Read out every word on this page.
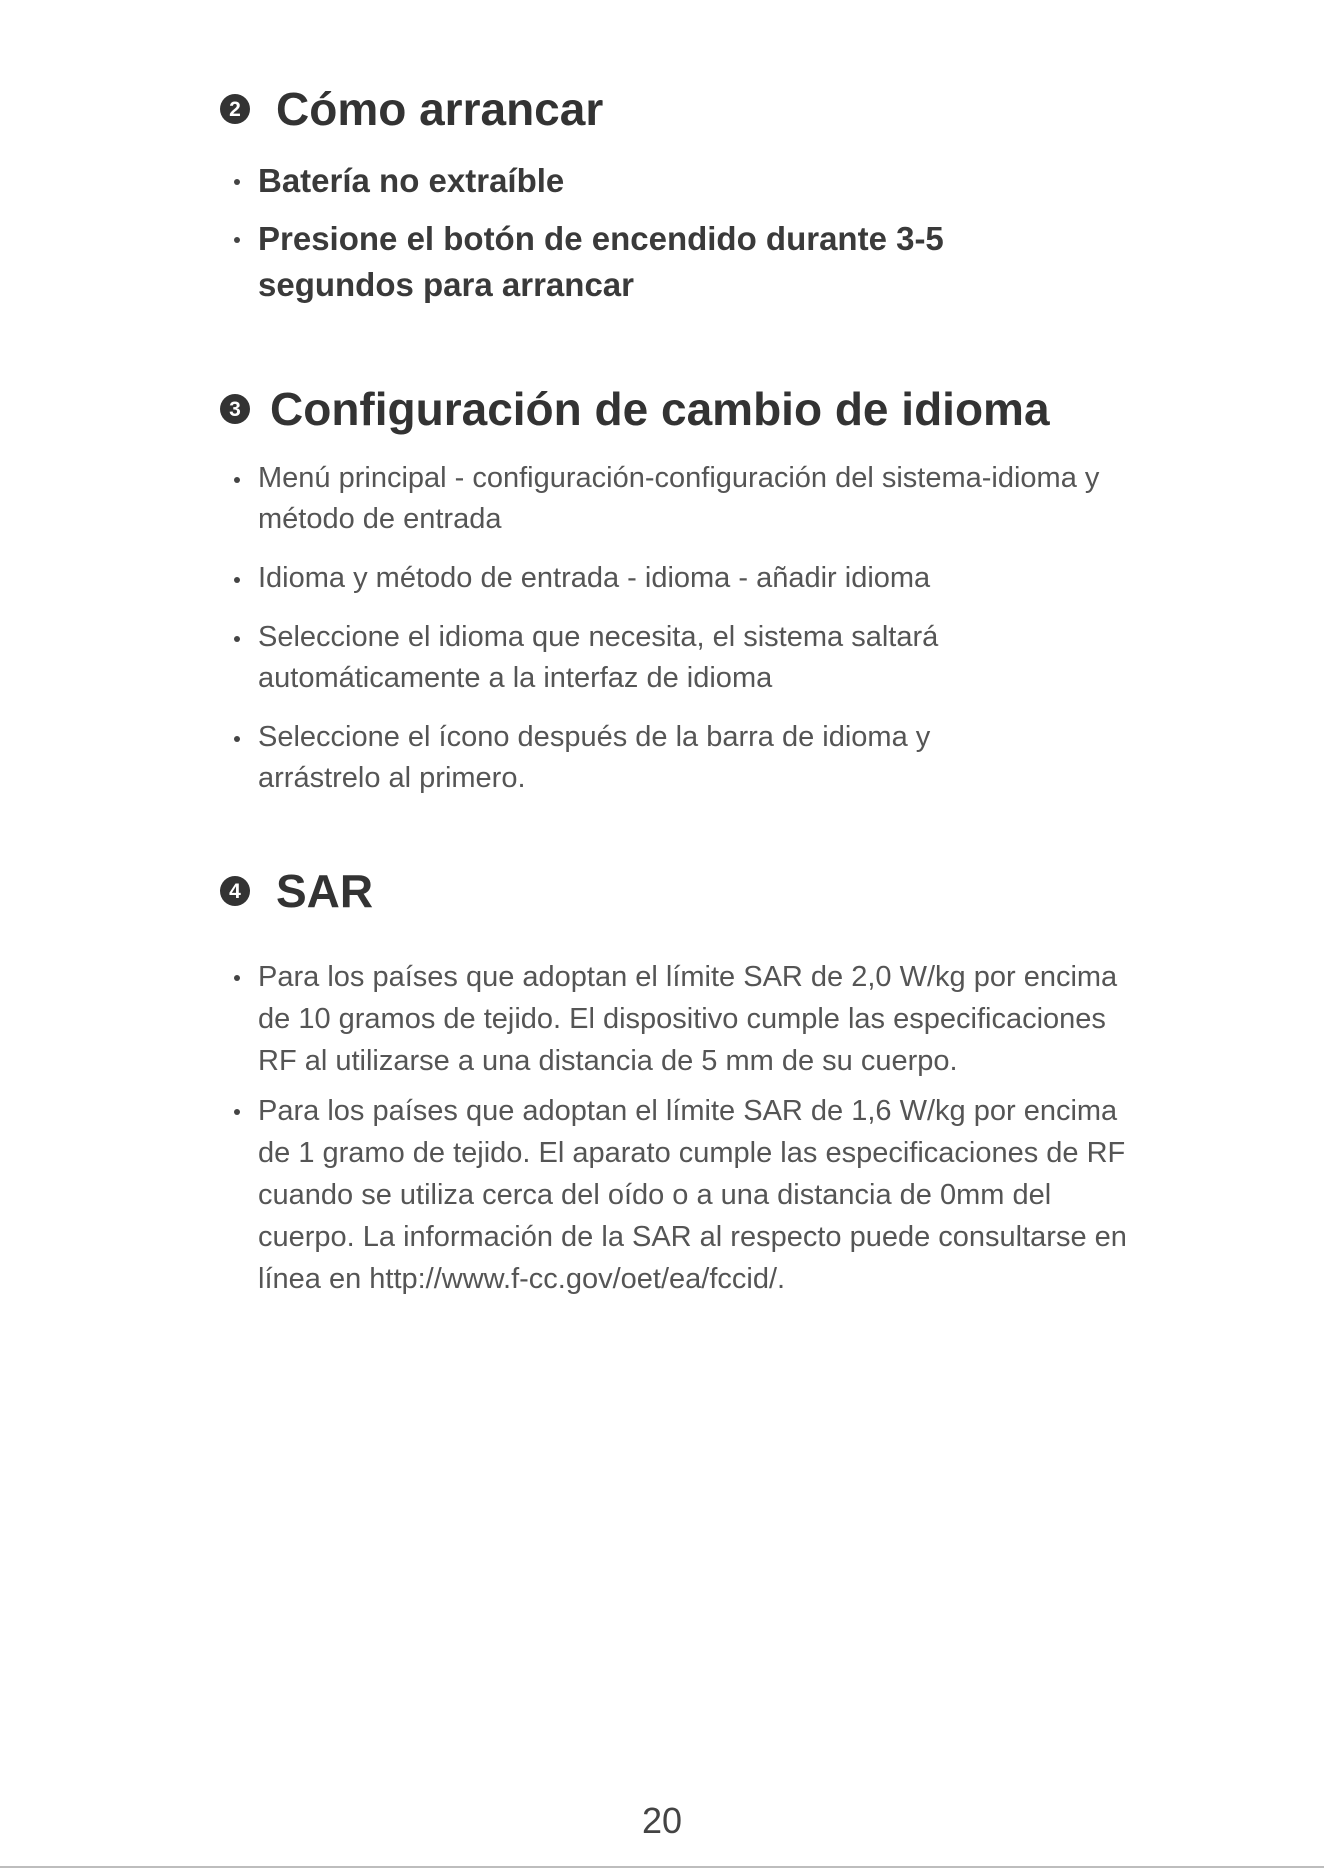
2 Cómo arrancar
Batería no extraíble
Presione el botón de encendido durante 3-5 segundos para arrancar
3 Configuración de cambio de idioma
Menú principal - configuración-configuración del sistema-idioma y método de entrada
Idioma y método de entrada - idioma - añadir idioma
Seleccione el idioma que necesita, el sistema saltará automáticamente a la interfaz de idioma
Seleccione el ícono después de la barra de idioma y arrástrelo al primero.
4 SAR
Para los países que adoptan el límite SAR de 2,0 W/kg por encima de 10 gramos de tejido. El dispositivo cumple las especificaciones RF al utilizarse a una distancia de 5 mm de su cuerpo.
Para los países que adoptan el límite SAR de 1,6 W/kg por encima de 1 gramo de tejido. El aparato cumple las especificaciones de RF cuando se utiliza cerca del oído o a una distancia de 0mm del cuerpo. La información de la SAR al respecto puede consultarse en línea en http://www.f-cc.gov/oet/ea/fccid/.
20
